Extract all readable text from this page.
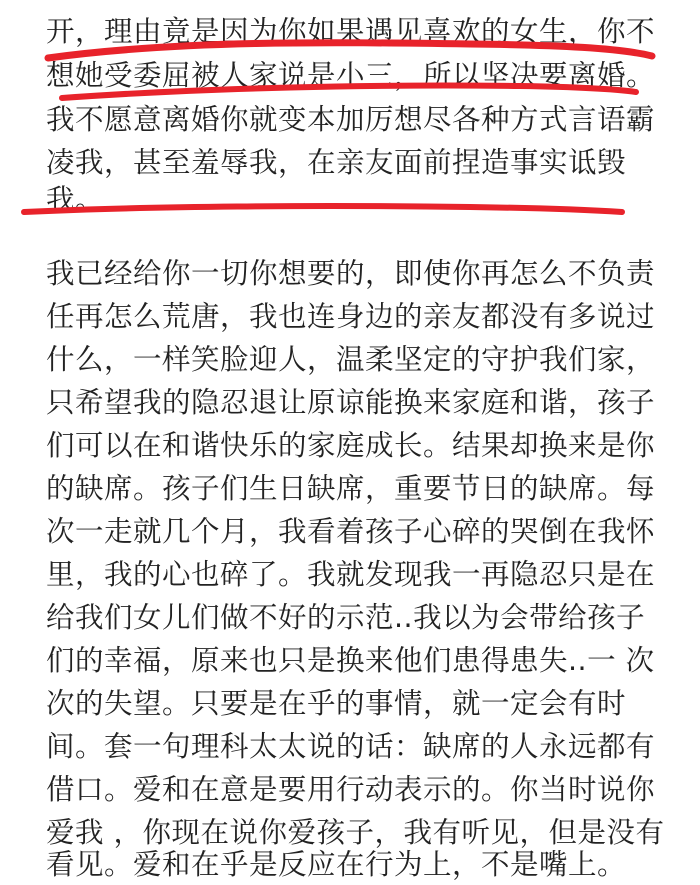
开，理由竟是因为你如果遇见喜欢的女生，你不
想她受委屈被人家说是小三，所以坚决要离婚。
我不愿意离婚你就变本加厉想尽各种方式言语霸
凌我，甚至羞辱我，在亲友面前捏造事实诋毁
我。
我已经给你一切你想要的，即使你再怎么不负责
任再怎么荒唐，我也连身边的亲友都没有多说过
什么，一样笑脸迎人，温柔坚定的守护我们家，
只希望我的隐忍退让原谅能换来家庭和谐，孩子
们可以在和谐快乐的家庭成长。结果却换来是你
的缺席。孩子们生日缺席，重要节日的缺席。每
次一走就几个月，我看着孩子心碎的哭倒在我怀
里，我的心也碎了。我就发现我一再隐忍只是在
给我们女儿们做不好的示范..我以为会带给孩子
们的幸福，原来也只是换来他们患得患失..一 次
次的失望。只要是在乎的事情，就一定会有时
间。套一句理科太太说的话：缺席的人永远都有
借口。爱和在意是要用行动表示的。你当时说你
爱我 ，你现在说你爱孩子，我有听见，但是没有
看见。爱和在乎是反应在行为上，不是嘴上。
